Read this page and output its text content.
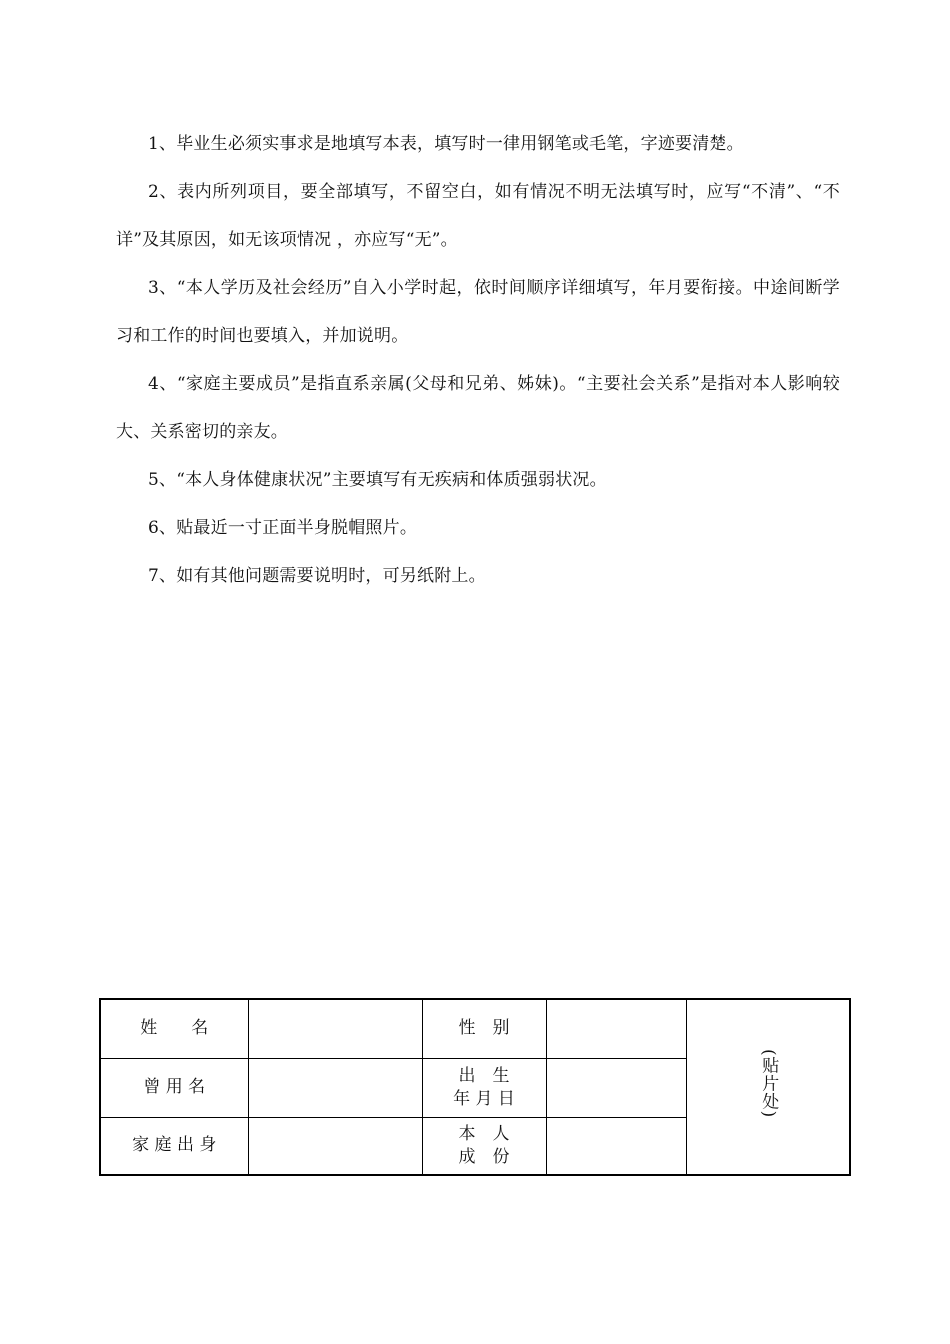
1、毕业生必须实事求是地填写本表，填写时一律用钢笔或毛笔，字迹要清楚。

2、表内所列项目，要全部填写，不留空白，如有情况不明无法填写时，应写“不清”、“不详”及其原因，如无该项情况 ，亦应写“无”。

3、“本人学历及社会经历”自入小学时起，依时间顺序详细填写，年月要衔接。中途间断学习和工作的时间也要填入，并加说明。

4、“家庭主要成员”是指直系亲属(父母和兄弟、姊妹)。“主要社会关系”是指对本人影响较大、关系密切的亲友。

5、“本人身体健康状况”主要填写有无疾病和体质强弱状况。

6、贴最近一寸正面半身脱帽照片。

7、如有其他问题需要说明时，可另纸附上。

姓　　名		性　别		(贴片处)
曾 用 名		出　生
年 月 日		

家 庭 出 身		本　人
成　份		
